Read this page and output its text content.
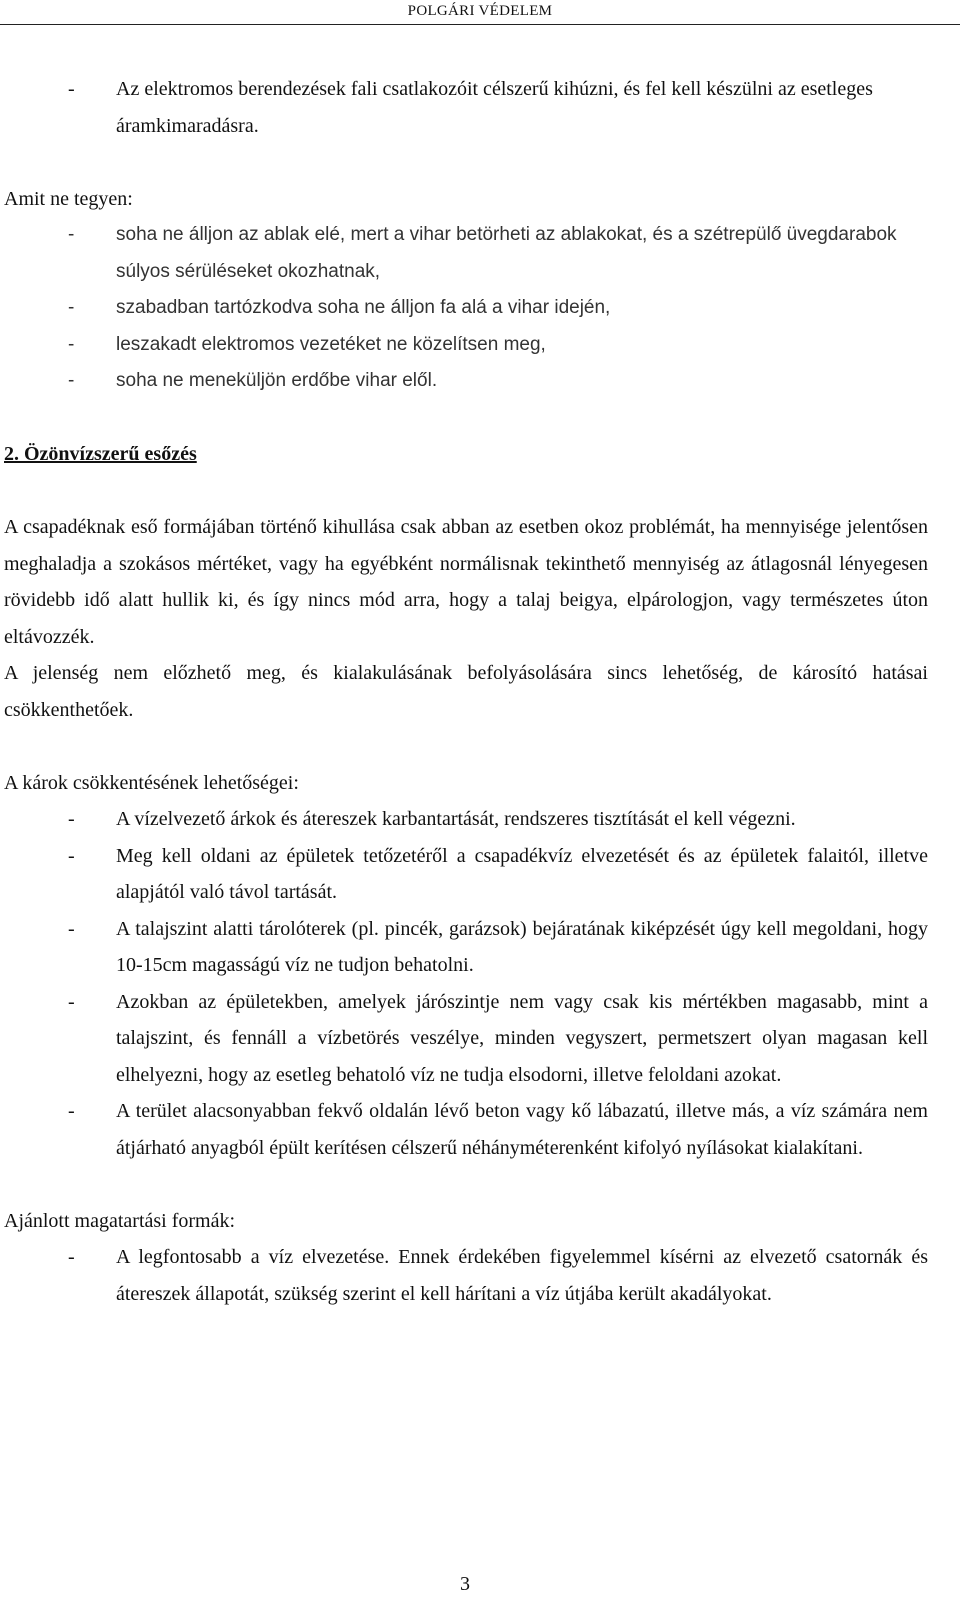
POLGÁRI VÉDELEM
- Az elektromos berendezések fali csatlakozóit célszerű kihúzni, és fel kell készülni az esetleges áramkimaradásra.

Amit ne tegyen:

- soha ne álljon az ablak elé, mert a vihar betörheti az ablakokat, és a szétrepülő üvegdarabok súlyos sérüléseket okozhatnak,
- szabadban tartózkodva soha ne álljon fa alá a vihar idején,
- leszakadt elektromos vezetéket ne közelítsen meg,
- soha ne meneküljön erdőbe vihar elől.

2. Özönvízszerű esőzés

A csapadéknak eső formájában történő kihullása csak abban az esetben okoz problémát, ha mennyisége jelentősen meghaladja a szokásos mértéket, vagy ha egyébként normálisnak tekinthető mennyiség az átlagosnál lényegesen rövidebb idő alatt hullik ki, és így nincs mód arra, hogy a talaj beigya, elpárologjon, vagy természetes úton eltávozzék.

A jelenség nem előzhető meg, és kialakulásának befolyásolására sincs lehetőség, de károsító hatásai csökkenthetőek.

A károk csökkentésének lehetőségei:

- A vízelvezető árkok és átereszek karbantartását, rendszeres tisztítását el kell végezni.
- Meg kell oldani az épületek tetőzetéről a csapadékvíz elvezetését és az épületek falaitól, illetve alapjától való távol tartását.
- A talajszint alatti tárolóterek (pl. pincék, garázsok) bejáratának kiképzését úgy kell megoldani, hogy 10-15cm magasságú víz ne tudjon behatolni.
- Azokban az épületekben, amelyek járószintje nem vagy csak kis mértékben magasabb, mint a talajszint, és fennáll a vízbetörés veszélye, minden vegyszert, permetszert olyan magasan kell elhelyezni, hogy az esetleg behatoló víz ne tudja elsodorni, illetve feloldani azokat.
- A terület alacsonyabban fekvő oldalán lévő beton vagy kő lábazatú, illetve más, a víz számára nem átjárható anyagból épült kerítésen célszerű néhányméterenként kifolyó nyílásokat kialakítani.

Ajánlott magatartási formák:

- A legfontosabb a víz elvezetése. Ennek érdekében figyelemmel kísérni az elvezető csatornák és átereszek állapotát, szükség szerint el kell hárítani a víz útjába került akadályokat.
3
